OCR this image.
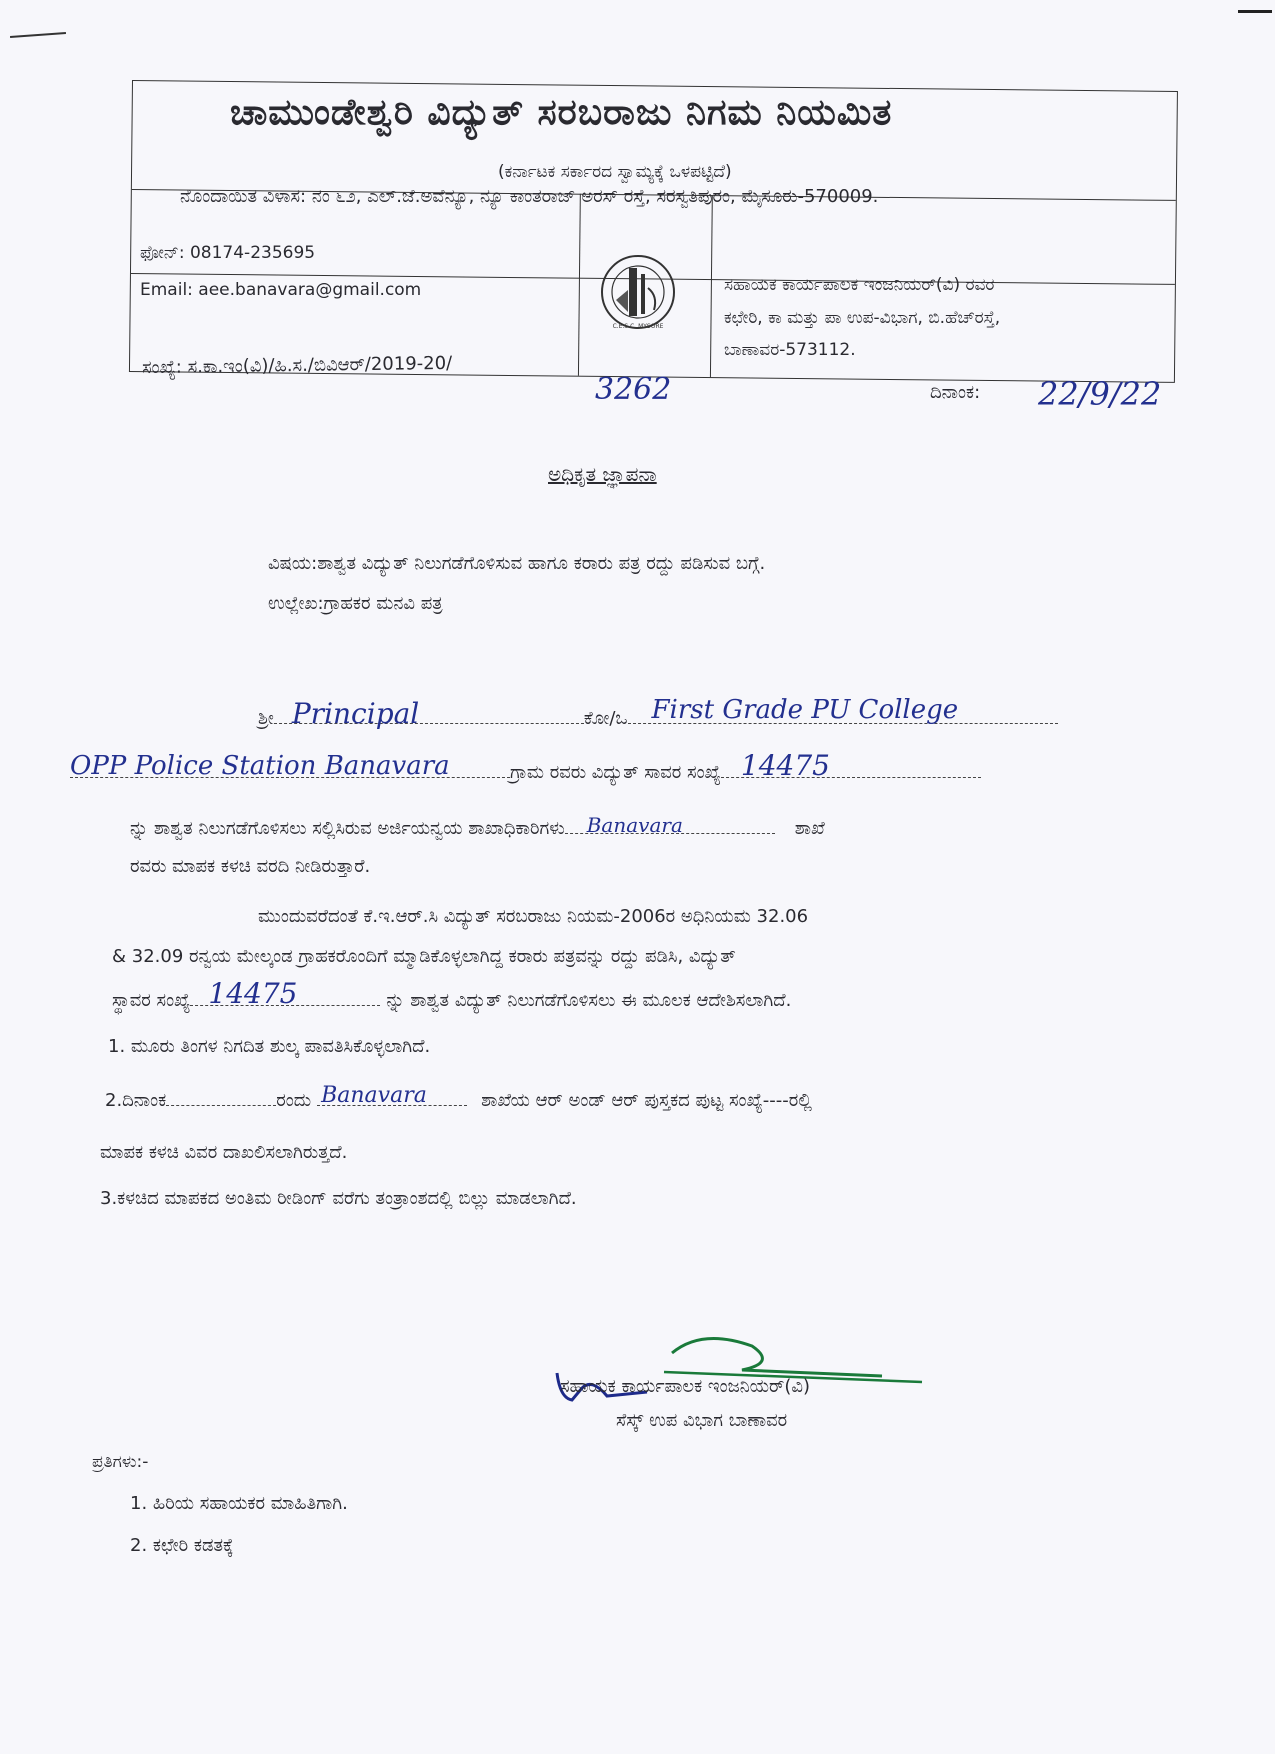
ಚಾಮುಂಡೇಶ್ವರಿ ವಿದ್ಯುತ್ ಸರಬರಾಜು ನಿಗಮ ನಿಯಮಿತ
(ಕರ್ನಾಟಕ ಸರ್ಕಾರದ ಸ್ವಾಮ್ಯಕ್ಕೆ ಒಳಪಟ್ಟಿದೆ)
ನೊಂದಾಯಿತ ವಿಳಾಸ: ನಂ ೬೨, ಎಲ್.ಜೆ.ಅವೆನ್ಯೂ, ನ್ಯೂ ಕಾಂತರಾಜ್ ಅರಸ್ ರಸ್ತೆ, ಸರಸ್ವತಿಪುರಂ, ಮೈಸೂರು-570009.
ಫೋನ್: 08174-235695
Email: aee.banavara@gmail.com
C.E.S.C. MYSORE
ಸಹಾಯಕ ಕಾರ್ಯಪಾಲಕ ಇಂಜನಿಯರ್(ವಿ) ರವರ
ಕಛೇರಿ, ಕಾ ಮತ್ತು ಪಾ ಉಪ-ವಿಭಾಗ, ಬಿ.ಹೆಚ್‌ರಸ್ತೆ,
ಬಾಣಾವರ-573112.
ಸಂಖ್ಯೆ: ಸ.ಕಾ.ಇಂ(ವಿ)/ಹಿ.ಸ./ಬಿವಿಆರ್/2019-20/
3262	ದಿನಾಂಕ: 22/9/22
ಅಧಿಕೃತ ಜ್ಞಾಪನಾ
ವಿಷಯ:ಶಾಶ್ವತ ವಿದ್ಯುತ್ ನಿಲುಗಡೆಗೊಳಿಸುವ ಹಾಗೂ ಕರಾರು ಪತ್ರ ರದ್ದು ಪಡಿಸುವ ಬಗ್ಗೆ.
ಉಲ್ಲೇಖ:ಗ್ರಾಹಕರ ಮನವಿ ಪತ್ರ
ಶ್ರೀ Principal	ಕೋ/ಒ First Grade PU College
OPP Police Station Banavara	ಗ್ರಾಮ ರವರು ವಿದ್ಯುತ್ ಸಾವರ ಸಂಖ್ಯೆ 14475
ನ್ನು ಶಾಶ್ವತ ನಿಲುಗಡೆಗೊಳಿಸಲು ಸಲ್ಲಿಸಿರುವ ಅರ್ಜಿಯನ್ವಯ ಶಾಖಾಧಿಕಾರಿಗಳು Banavara	ಶಾಖೆ
ರವರು ಮಾಪಕ ಕಳಚಿ ವರದಿ ನೀಡಿರುತ್ತಾರೆ.
ಮುಂದುವರೆದಂತೆ ಕೆ.ಇ.ಆರ್.ಸಿ ವಿದ್ಯುತ್ ಸರಬರಾಜು ನಿಯಮ-2006ರ ಅಧಿನಿಯಮ 32.06
& 32.09 ರನ್ವಯ ಮೇಲ್ಕಂಡ ಗ್ರಾಹಕರೊಂದಿಗೆ ಮ್ಮಾಡಿಕೊಳ್ಳಲಾಗಿದ್ದ ಕರಾರು ಪತ್ರವನ್ನು ರದ್ದು ಪಡಿಸಿ, ವಿದ್ಯುತ್
ಸ್ಥಾವರ ಸಂಖ್ಯೆ 14475	ನ್ನು ಶಾಶ್ವತ ವಿದ್ಯುತ್ ನಿಲುಗಡೆಗೊಳಿಸಲು ಈ ಮೂಲಕ ಆದೇಶಿಸಲಾಗಿದೆ.
1. ಮೂರು ತಿಂಗಳ ನಿಗದಿತ ಶುಲ್ಕ ಪಾವತಿಸಿಕೊಳ್ಳಲಾಗಿದೆ.
2.ದಿನಾಂಕ	ರಂದು Banavara	ಶಾಖೆಯ ಆರ್ ಅಂಡ್ ಆರ್ ಪುಸ್ತಕದ ಪುಟ್ಟ ಸಂಖ್ಯೆ----ರಲ್ಲಿ
ಮಾಪಕ ಕಳಚಿ ವಿವರ ದಾಖಲಿಸಲಾಗಿರುತ್ತದೆ.
3.ಕಳಚಿದ ಮಾಪಕದ ಅಂತಿಮ ರೀಡಿಂಗ್ ವರೆಗು ತಂತ್ರಾಂಶದಲ್ಲಿ ಬಿಲ್ಲು ಮಾಡಲಾಗಿದೆ.
ಸಹಾಯಕ ಕಾರ್ಯಪಾಲಕ ಇಂಜನಿಯರ್(ವಿ)
ಸೆಸ್ಕ್ ಉಪ ವಿಭಾಗ ಬಾಣಾವರ
ಪ್ರತಿಗಳು:-
1. ಹಿರಿಯ ಸಹಾಯಕರ ಮಾಹಿತಿಗಾಗಿ.
2. ಕಛೇರಿ ಕಡತಕ್ಕೆ
